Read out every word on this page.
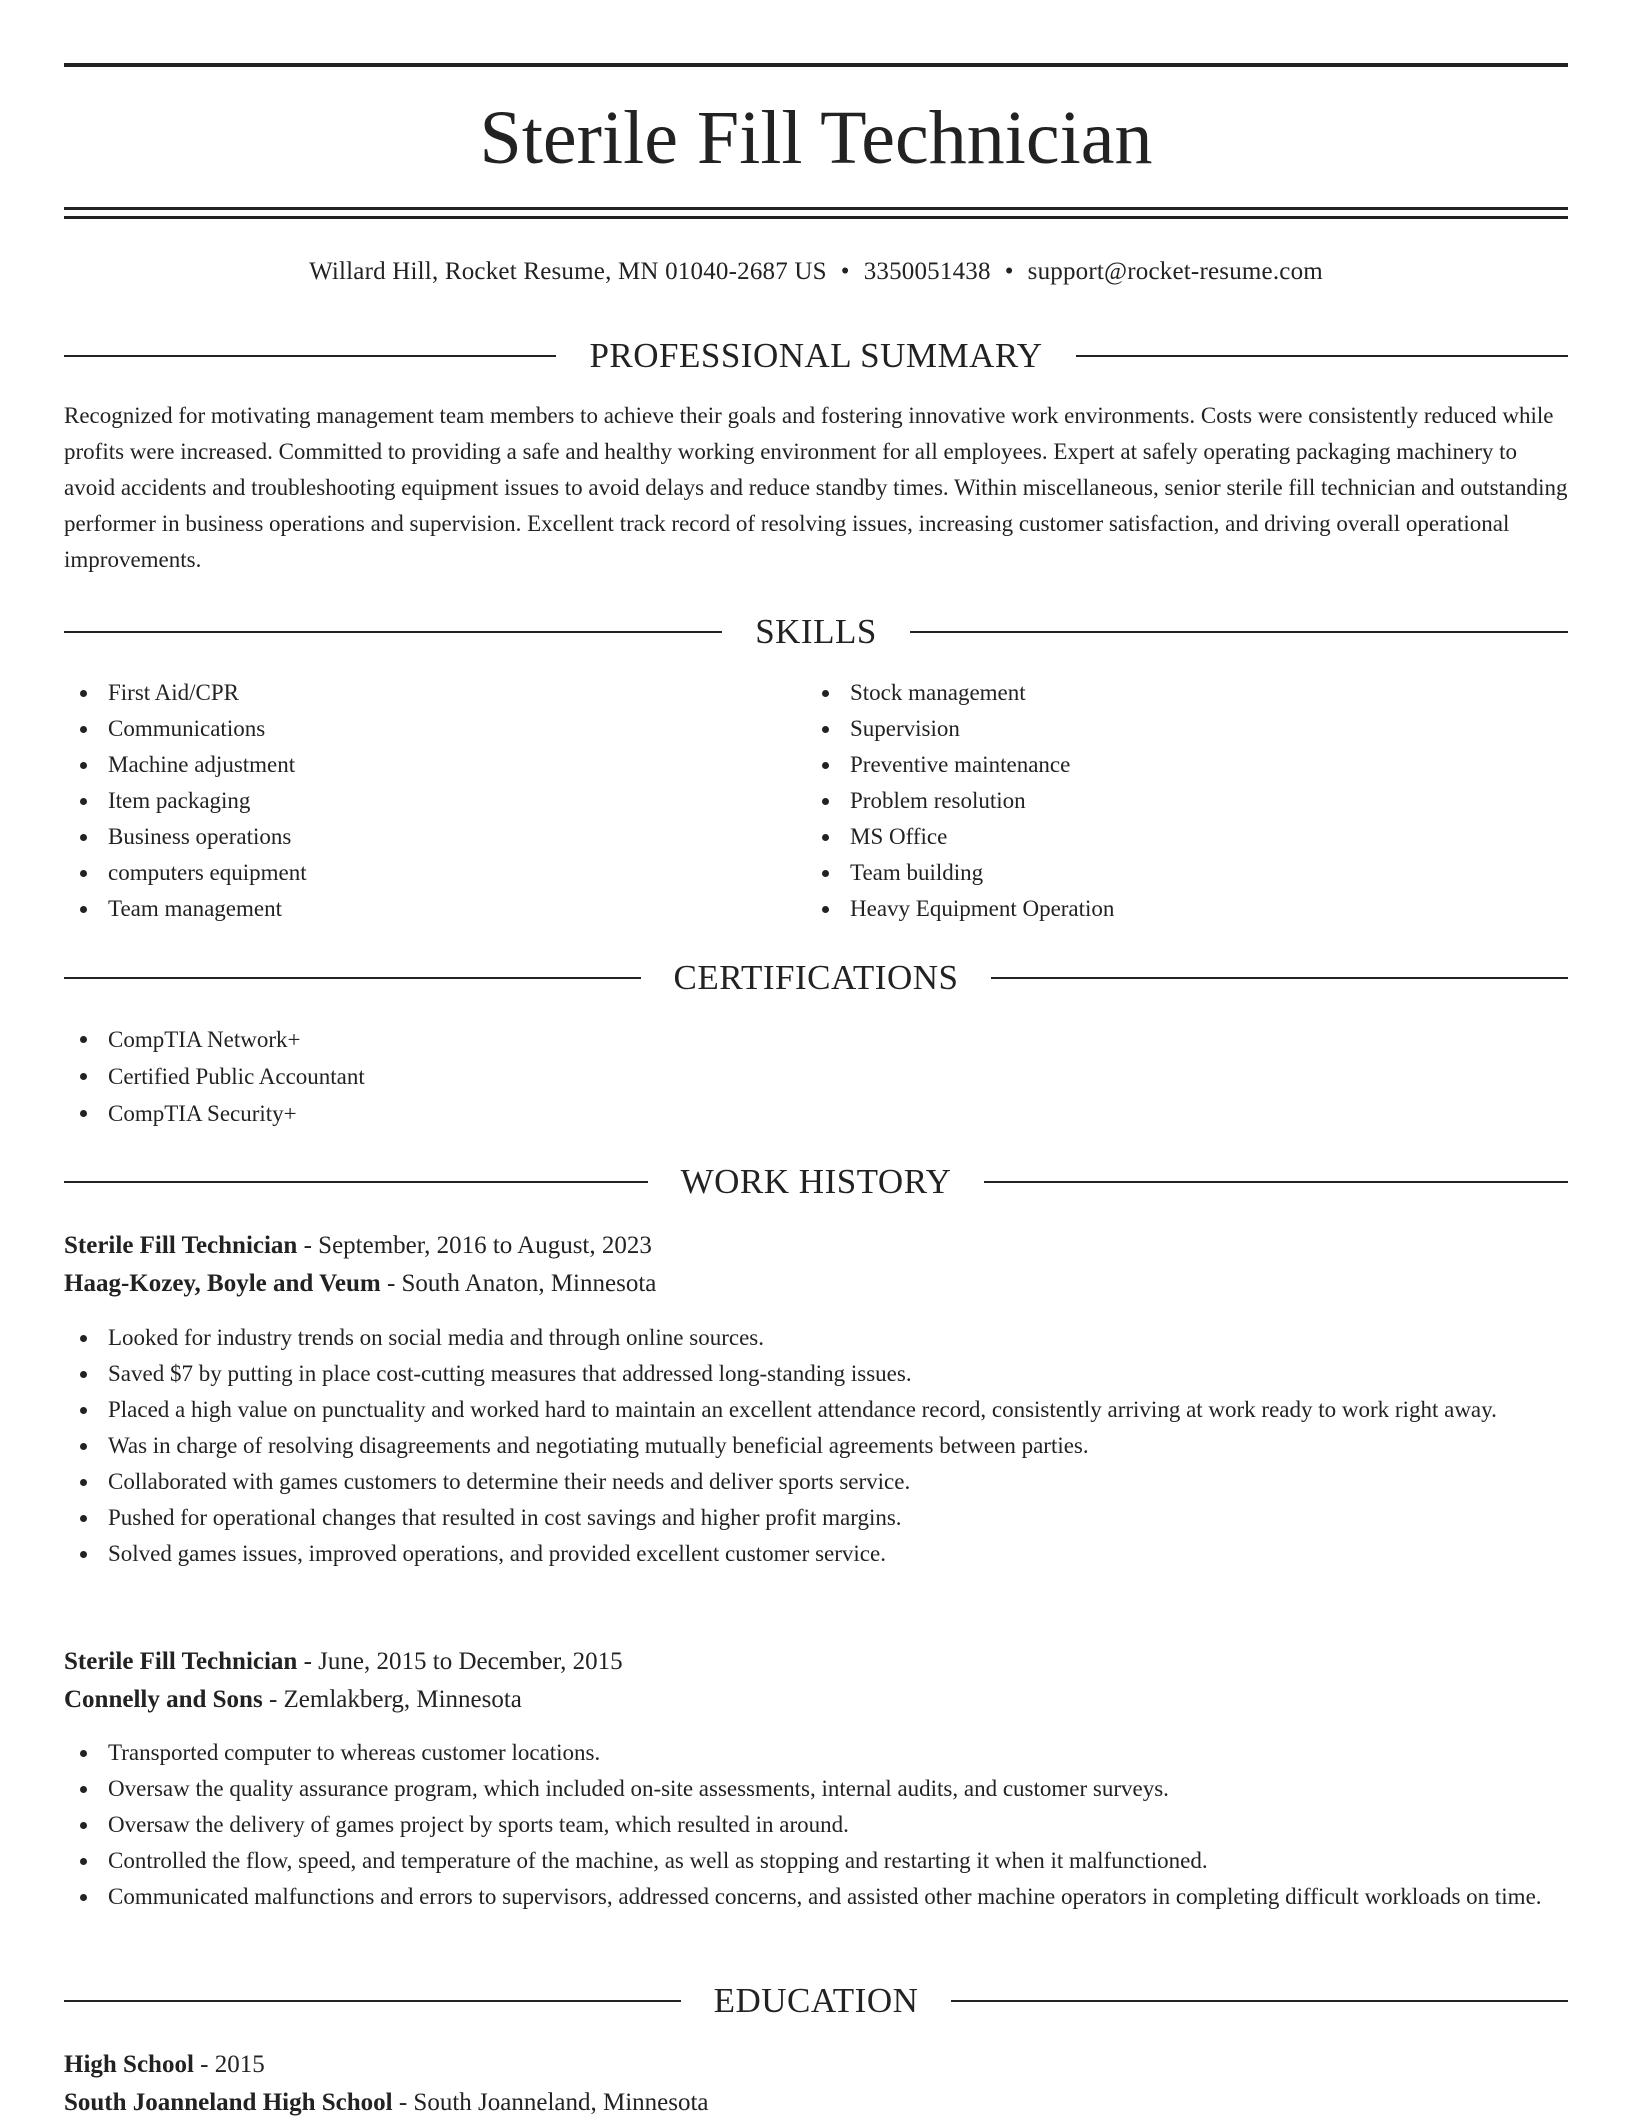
Sterile Fill Technician
Willard Hill, Rocket Resume, MN 01040-2687 US • 3350051438 • support@rocket-resume.com
PROFESSIONAL SUMMARY

Recognized for motivating management team members to achieve their goals and fostering innovative work environments. Costs were consistently reduced while profits were increased. Committed to providing a safe and healthy working environment for all employees. Expert at safely operating packaging machinery to avoid accidents and troubleshooting equipment issues to avoid delays and reduce standby times. Within miscellaneous, senior sterile fill technician and outstanding performer in business operations and supervision. Excellent track record of resolving issues, increasing customer satisfaction, and driving overall operational improvements.

SKILLS
First Aid/CPR
Communications
Machine adjustment
Item packaging
Business operations
computers equipment
Team management
Stock management
Supervision
Preventive maintenance
Problem resolution
MS Office
Team building
Heavy Equipment Operation
CERTIFICATIONS
CompTIA Network+
Certified Public Accountant
CompTIA Security+
WORK HISTORY
Sterile Fill Technician - September, 2016 to August, 2023
Haag-Kozey, Boyle and Veum - South Anaton, Minnesota
Looked for industry trends on social media and through online sources.
Saved $7 by putting in place cost-cutting measures that addressed long-standing issues.
Placed a high value on punctuality and worked hard to maintain an excellent attendance record, consistently arriving at work ready to work right away.
Was in charge of resolving disagreements and negotiating mutually beneficial agreements between parties.
Collaborated with games customers to determine their needs and deliver sports service.
Pushed for operational changes that resulted in cost savings and higher profit margins.
Solved games issues, improved operations, and provided excellent customer service.
Sterile Fill Technician - June, 2015 to December, 2015
Connelly and Sons - Zemlakberg, Minnesota
Transported computer to whereas customer locations.
Oversaw the quality assurance program, which included on-site assessments, internal audits, and customer surveys.
Oversaw the delivery of games project by sports team, which resulted in around.
Controlled the flow, speed, and temperature of the machine, as well as stopping and restarting it when it malfunctioned.
Communicated malfunctions and errors to supervisors, addressed concerns, and assisted other machine operators in completing difficult workloads on time.
EDUCATION
High School - 2015
South Joanneland High School - South Joanneland, Minnesota
